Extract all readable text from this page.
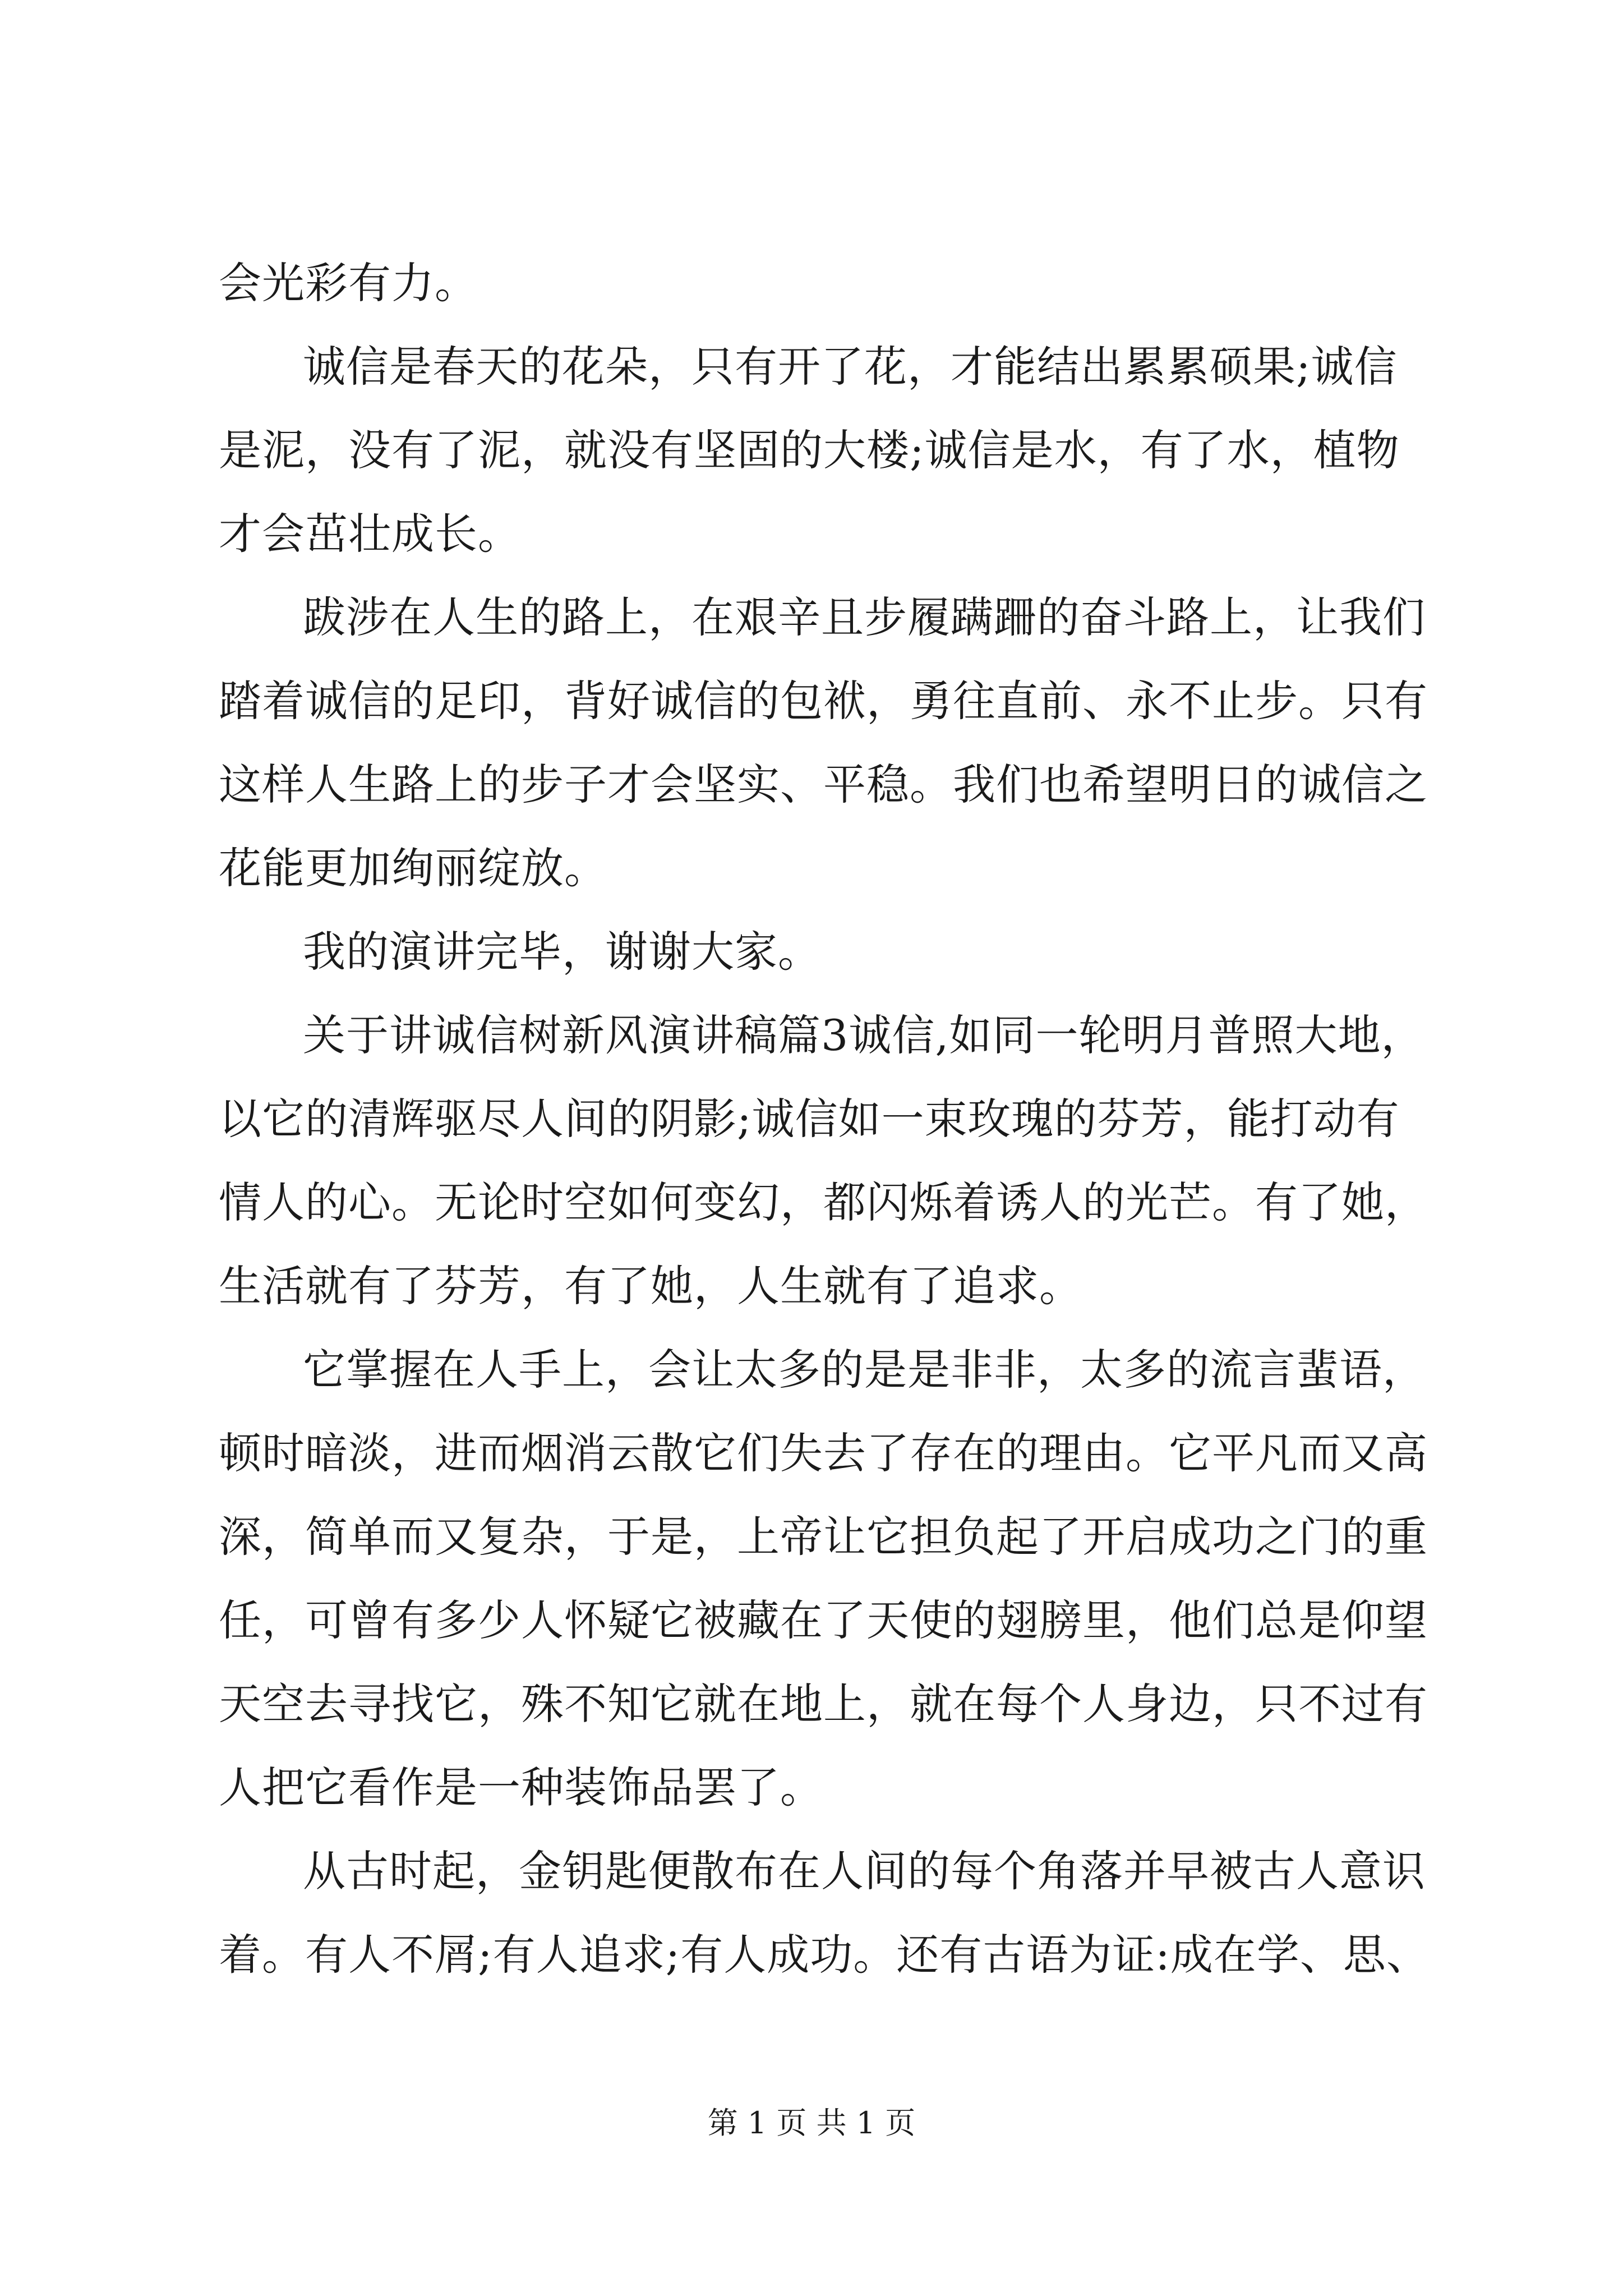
会光彩有力。
诚信是春天的花朵，只有开了花，才能结出累累硕果;诚信
是泥，没有了泥，就没有坚固的大楼;诚信是水，有了水，植物
才会茁壮成长。
跋涉在人生的路上，在艰辛且步履蹒跚的奋斗路上，让我们
踏着诚信的足印，背好诚信的包袱，勇往直前、永不止步。只有
这样人生路上的步子才会坚实、平稳。我们也希望明日的诚信之
花能更加绚丽绽放。
我的演讲完毕，谢谢大家。
关于讲诚信树新风演讲稿篇3诚信,如同一轮明月普照大地，
以它的清辉驱尽人间的阴影;诚信如一束玫瑰的芬芳，能打动有
情人的心。无论时空如何变幻，都闪烁着诱人的光芒。有了她，
生活就有了芬芳，有了她，人生就有了追求。
它掌握在人手上，会让太多的是是非非，太多的流言蜚语，
顿时暗淡，进而烟消云散它们失去了存在的理由。它平凡而又高
深，简单而又复杂，于是，上帝让它担负起了开启成功之门的重
任，可曾有多少人怀疑它被藏在了天使的翅膀里，他们总是仰望
天空去寻找它，殊不知它就在地上，就在每个人身边，只不过有
人把它看作是一种装饰品罢了。
从古时起，金钥匙便散布在人间的每个角落并早被古人意识
着。有人不屑;有人追求;有人成功。还有古语为证:成在学、思、
第 1 页 共 1 页
